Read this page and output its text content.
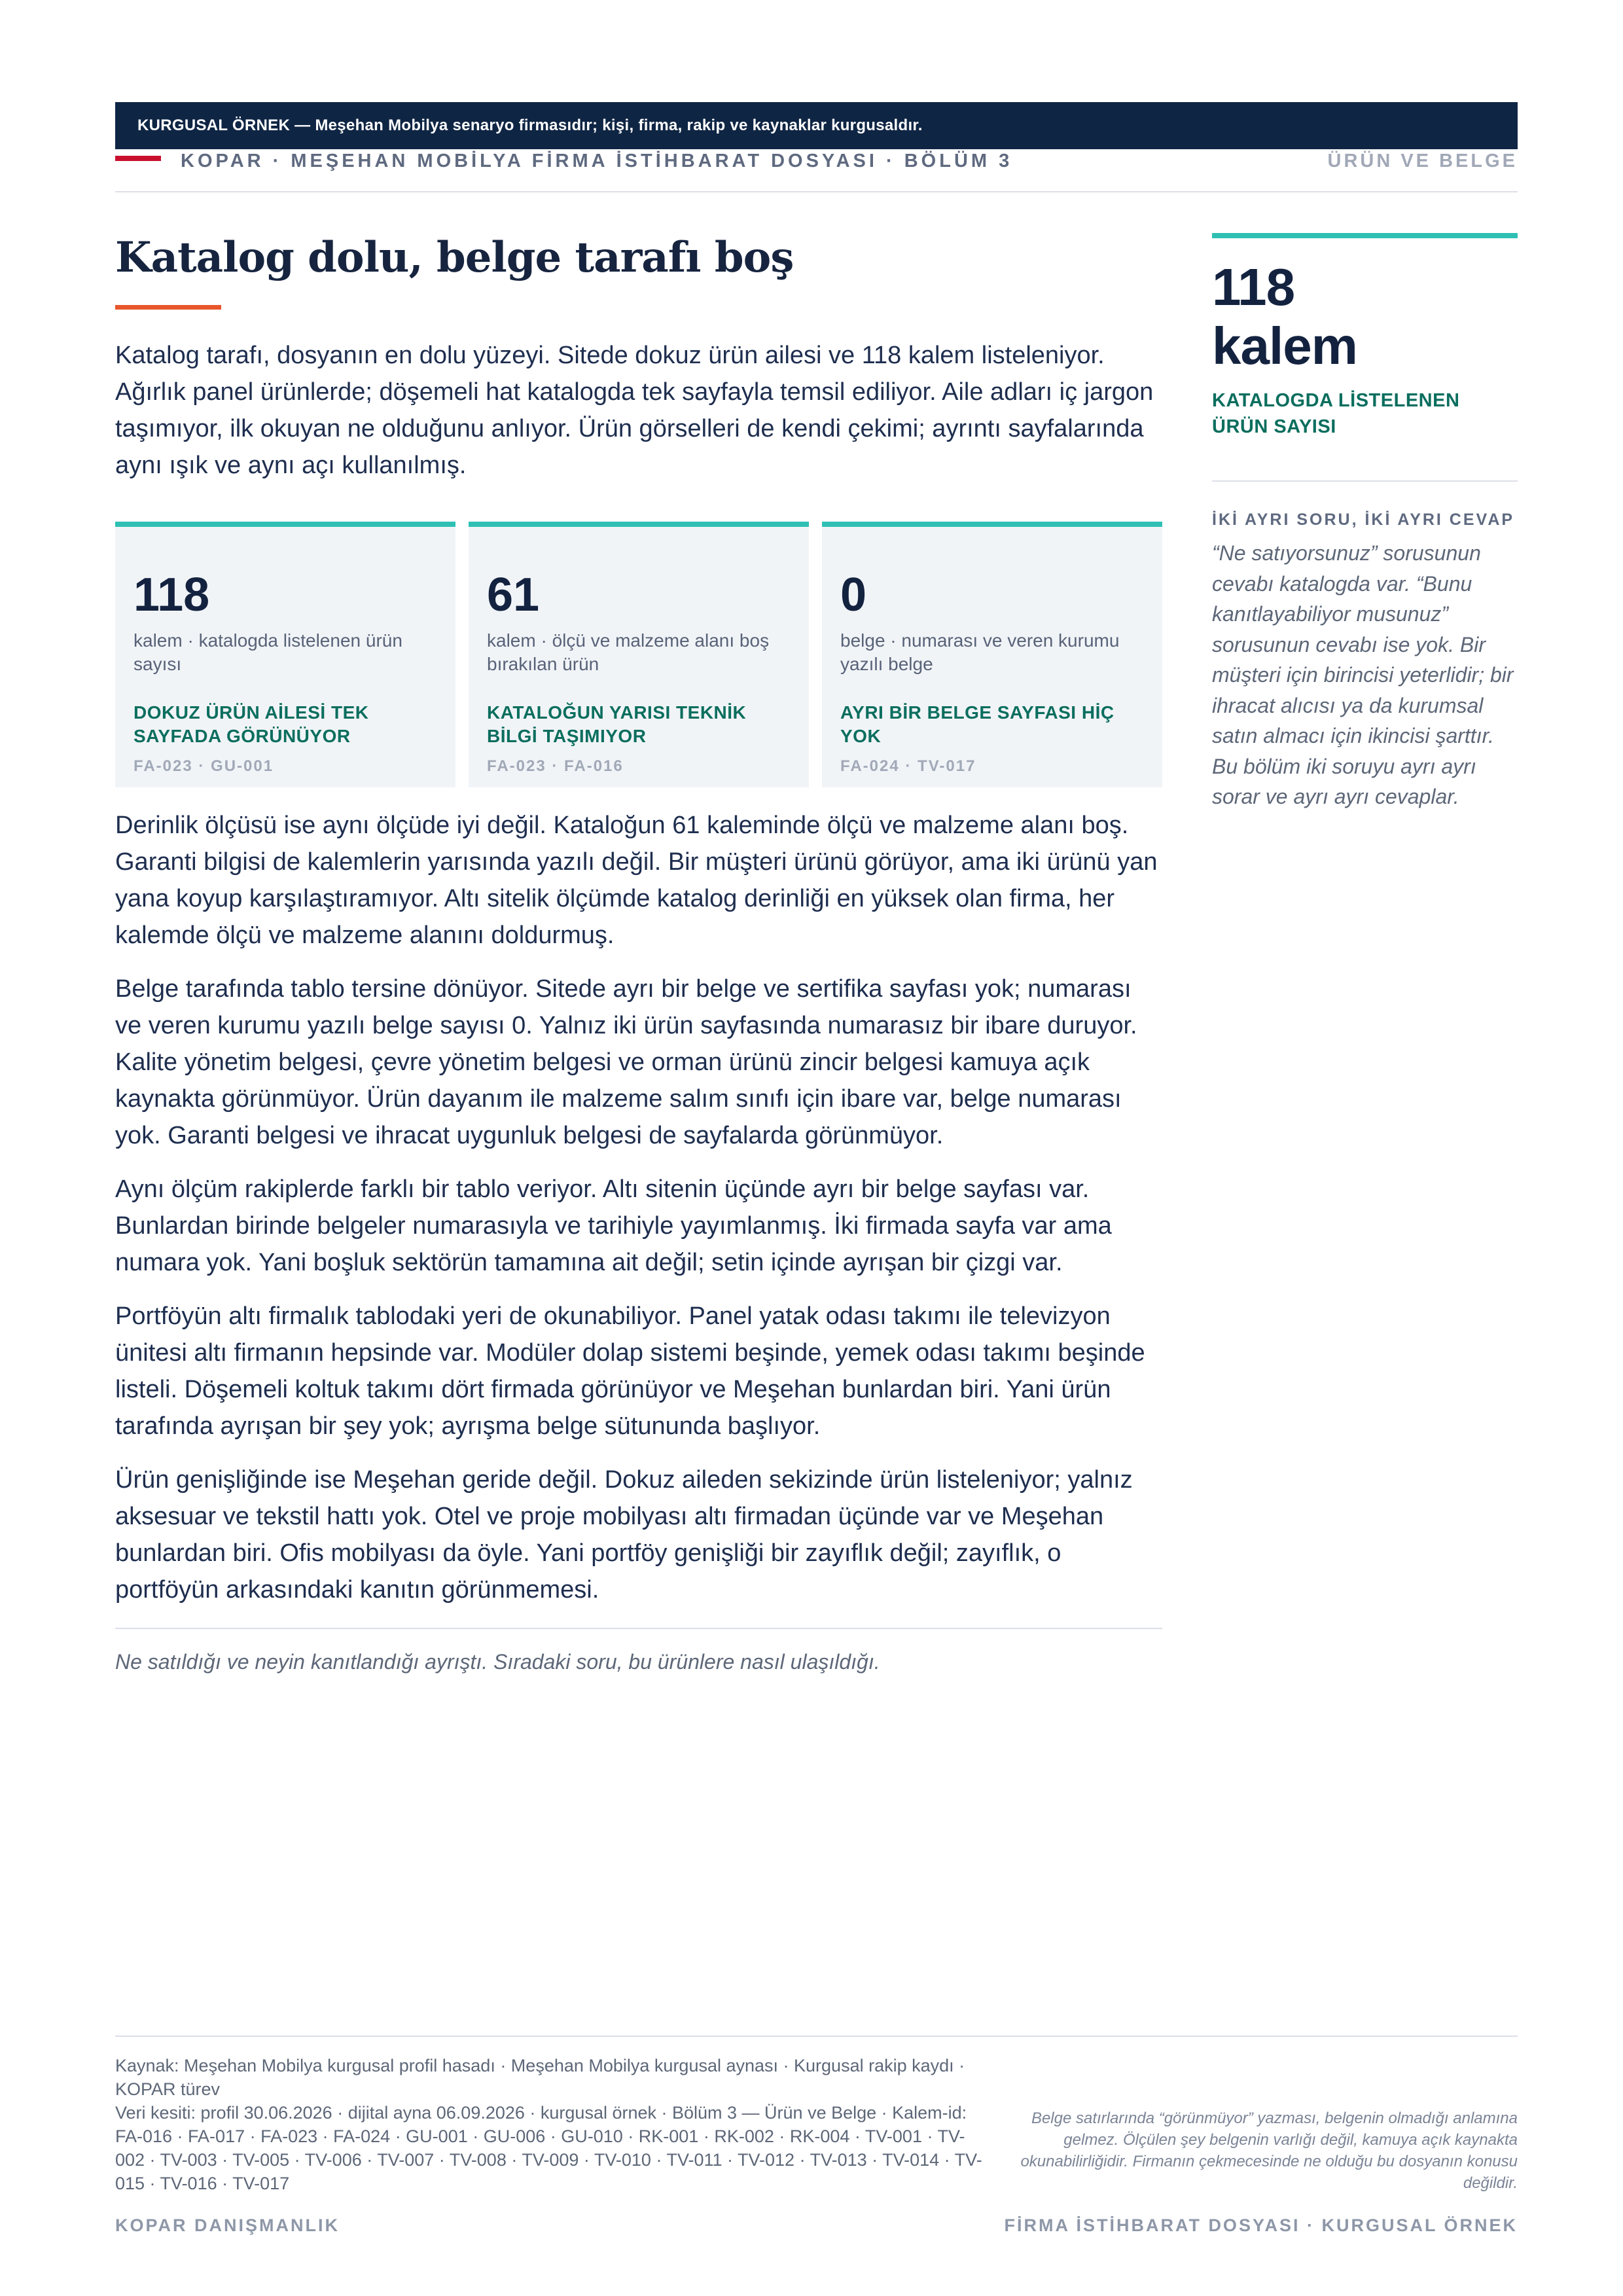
KURGUSAL ÖRNEK — Meşehan Mobilya senaryo firmasıdır; kişi, firma, rakip ve kaynaklar kurgusaldır.
KOPAR · MEŞEHAN MOBİLYA FİRMA İSTİHBARAT DOSYASI · BÖLÜM 3	ÜRÜN VE BELGE
Katalog dolu, belge tarafı boş

Katalog tarafı, dosyanın en dolu yüzeyi. Sitede dokuz ürün ailesi ve 118 kalem listeleniyor. Ağırlık panel ürünlerde; döşemeli hat katalogda tek sayfayla temsil ediliyor. Aile adları iç jargon taşımıyor, ilk okuyan ne olduğunu anlıyor. Ürün görselleri de kendi çekimi; ayrıntı sayfalarında aynı ışık ve aynı açı kullanılmış.

118
kalem · katalogda listelenen ürün sayısı
DOKUZ ÜRÜN AİLESİ TEK SAYFADA GÖRÜNÜYOR
FA-023 · GU-001
61
kalem · ölçü ve malzeme alanı boş bırakılan ürün
KATALOĞUN YARISI TEKNİK BİLGİ TAŞIMIYOR
FA-023 · FA-016
0
belge · numarası ve veren kurumu yazılı belge
AYRI BİR BELGE SAYFASI HİÇ YOK
FA-024 · TV-017

Derinlik ölçüsü ise aynı ölçüde iyi değil. Kataloğun 61 kaleminde ölçü ve malzeme alanı boş. Garanti bilgisi de kalemlerin yarısında yazılı değil. Bir müşteri ürünü görüyor, ama iki ürünü yan yana koyup karşılaştıramıyor. Altı sitelik ölçümde katalog derinliği en yüksek olan firma, her kalemde ölçü ve malzeme alanını doldurmuş.

Belge tarafında tablo tersine dönüyor. Sitede ayrı bir belge ve sertifika sayfası yok; numarası ve veren kurumu yazılı belge sayısı 0. Yalnız iki ürün sayfasında numarasız bir ibare duruyor. Kalite yönetim belgesi, çevre yönetim belgesi ve orman ürünü zincir belgesi kamuya açık kaynakta görünmüyor. Ürün dayanım ile malzeme salım sınıfı için ibare var, belge numarası yok. Garanti belgesi ve ihracat uygunluk belgesi de sayfalarda görünmüyor.

Aynı ölçüm rakiplerde farklı bir tablo veriyor. Altı sitenin üçünde ayrı bir belge sayfası var. Bunlardan birinde belgeler numarasıyla ve tarihiyle yayımlanmış. İki firmada sayfa var ama numara yok. Yani boşluk sektörün tamamına ait değil; setin içinde ayrışan bir çizgi var.

Portföyün altı firmalık tablodaki yeri de okunabiliyor. Panel yatak odası takımı ile televizyon ünitesi altı firmanın hepsinde var. Modüler dolap sistemi beşinde, yemek odası takımı beşinde listeli. Döşemeli koltuk takımı dört firmada görünüyor ve Meşehan bunlardan biri. Yani ürün tarafında ayrışan bir şey yok; ayrışma belge sütununda başlıyor.

Ürün genişliğinde ise Meşehan geride değil. Dokuz aileden sekizinde ürün listeleniyor; yalnız aksesuar ve tekstil hattı yok. Otel ve proje mobilyası altı firmadan üçünde var ve Meşehan bunlardan biri. Ofis mobilyası da öyle. Yani portföy genişliği bir zayıflık değil; zayıflık, o portföyün arkasındaki kanıtın görünmemesi.

Ne satıldığı ve neyin kanıtlandığı ayrıştı. Sıradaki soru, bu ürünlere nasıl ulaşıldığı.

118
kalem
KATALOGDA LİSTELENEN ÜRÜN SAYISI
İKİ AYRI SORU, İKİ AYRI CEVAP

“Ne satıyorsunuz” sorusunun cevabı katalogda var. “Bunu kanıtlayabiliyor musunuz” sorusunun cevabı ise yok. Bir müşteri için birincisi yeterlidir; bir ihracat alıcısı ya da kurumsal satın almacı için ikincisi şarttır. Bu bölüm iki soruyu ayrı ayrı sorar ve ayrı ayrı cevaplar.

Kaynak: Meşehan Mobilya kurgusal profil hasadı · Meşehan Mobilya kurgusal aynası · Kurgusal rakip kaydı · KOPAR türev
Veri kesiti: profil 30.06.2026 · dijital ayna 06.09.2026 · kurgusal örnek · Bölüm 3 — Ürün ve Belge · Kalem-id: FA-016 · FA-017 · FA-023 · FA-024 · GU-001 · GU-006 · GU-010 · RK-001 · RK-002 · RK-004 · TV-001 · TV-002 · TV-003 · TV-005 · TV-006 · TV-007 · TV-008 · TV-009 · TV-010 · TV-011 · TV-012 · TV-013 · TV-014 · TV-015 · TV-016 · TV-017
Belge satırlarında “görünmüyor” yazması, belgenin olmadığı anlamına gelmez. Ölçülen şey belgenin varlığı değil, kamuya açık kaynakta okunabilirliğidir. Firmanın çekmecesinde ne olduğu bu dosyanın konusu değildir.
KOPAR DANIŞMANLIK	FİRMA İSTİHBARAT DOSYASI · KURGUSAL ÖRNEK
